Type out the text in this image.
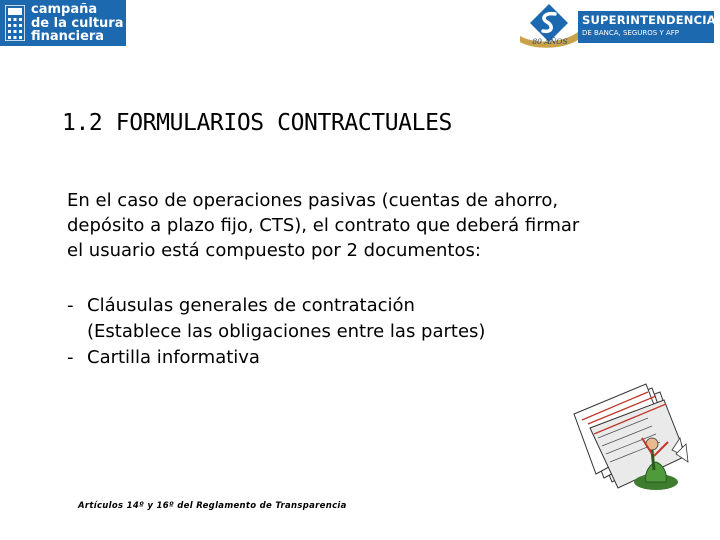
campaña
de la cultura
financiera	80 AÑOS
SUPERINTENDENCIA
DE BANCA, SEGUROS Y AFP
1.2 FORMULARIOS CONTRACTUALES
En el caso de operaciones pasivas (cuentas de ahorro,
depósito a plazo fijo, CTS), el contrato que deberá firmar
el usuario está compuesto por 2 documentos:
- Cláusulas generales de contratación
(Establece las obligaciones entre las partes)
- Cartilla informativa
Artículos 14º y 16º del Reglamento de Transparencia
